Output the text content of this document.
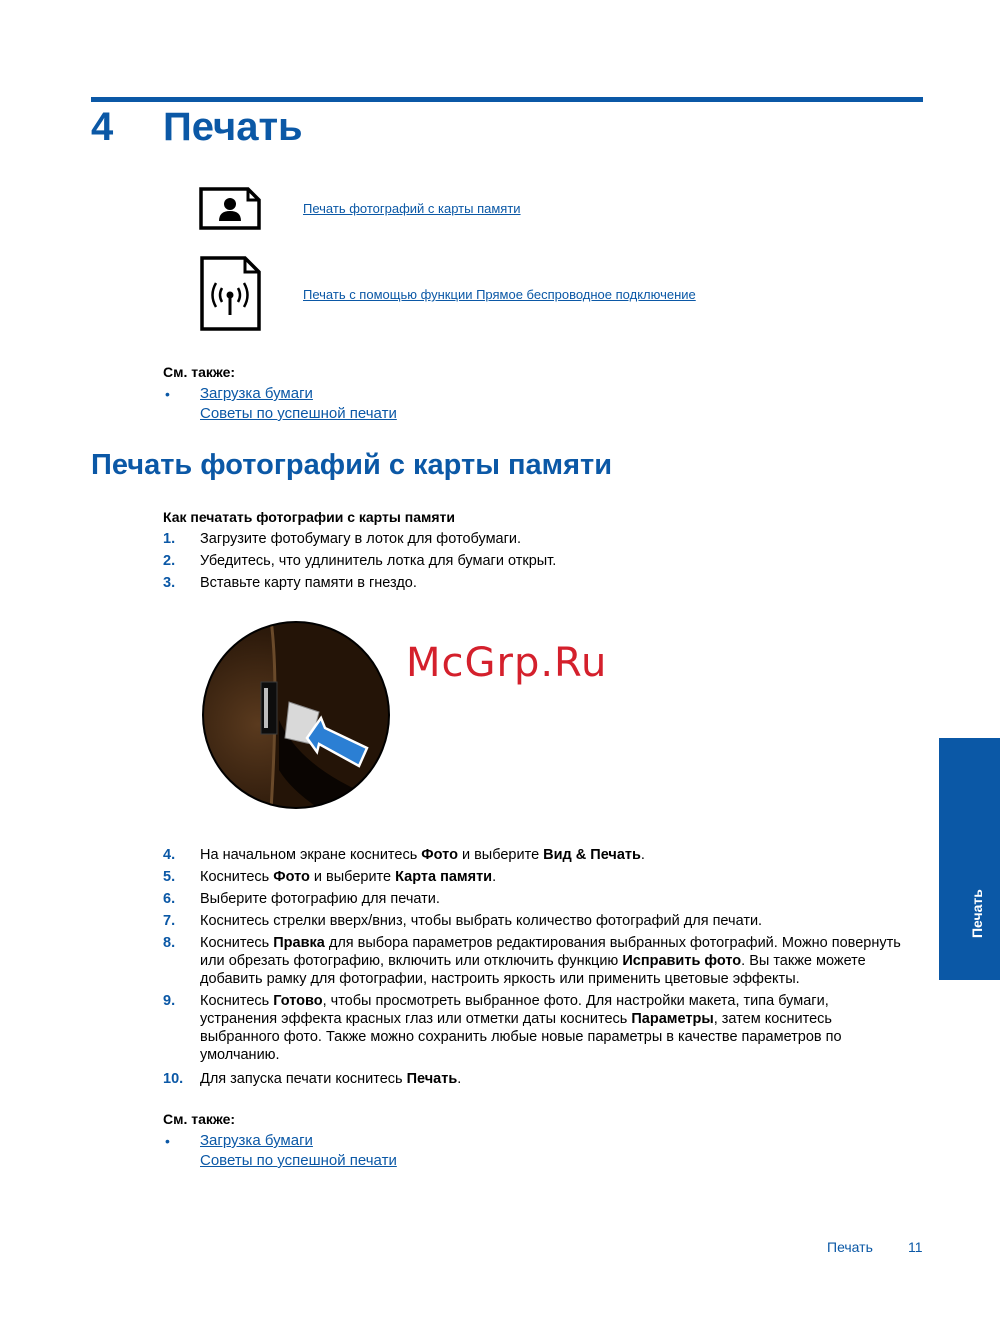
4 Печать
Печать фотографий с карты памяти
Печать с помощью функции Прямое беспроводное подключение
См. также:
• Загрузка бумаги
Советы по успешной печати
Печать фотографий с карты памяти
Как печатать фотографии с карты памяти
1. Загрузите фотобумагу в лоток для фотобумаги.
2. Убедитесь, что удлинитель лотка для бумаги открыт.
3. Вставьте карту памяти в гнездо.
McGrp.Ru
4. На начальном экране коснитесь Фото и выберите Вид & Печать.
5. Коснитесь Фото и выберите Карта памяти.
6. Выберите фотографию для печати.
7. Коснитесь стрелки вверх/вниз, чтобы выбрать количество фотографий для печати.
8. Коснитесь Правка для выбора параметров редактирования выбранных фотографий. Можно повернуть или обрезать фотографию, включить или отключить функцию Исправить фото. Вы также можете добавить рамку для фотографии, настроить яркость или применить цветовые эффекты.
9. Коснитесь Готово, чтобы просмотреть выбранное фото. Для настройки макета, типа бумаги, устранения эффекта красных глаз или отметки даты коснитесь Параметры, затем коснитесь выбранного фото. Также можно сохранить любые новые параметры в качестве параметров по умолчанию.
10. Для запуска печати коснитесь Печать.
См. также:
• Загрузка бумаги
Советы по успешной печати
Печать
Печать	11
